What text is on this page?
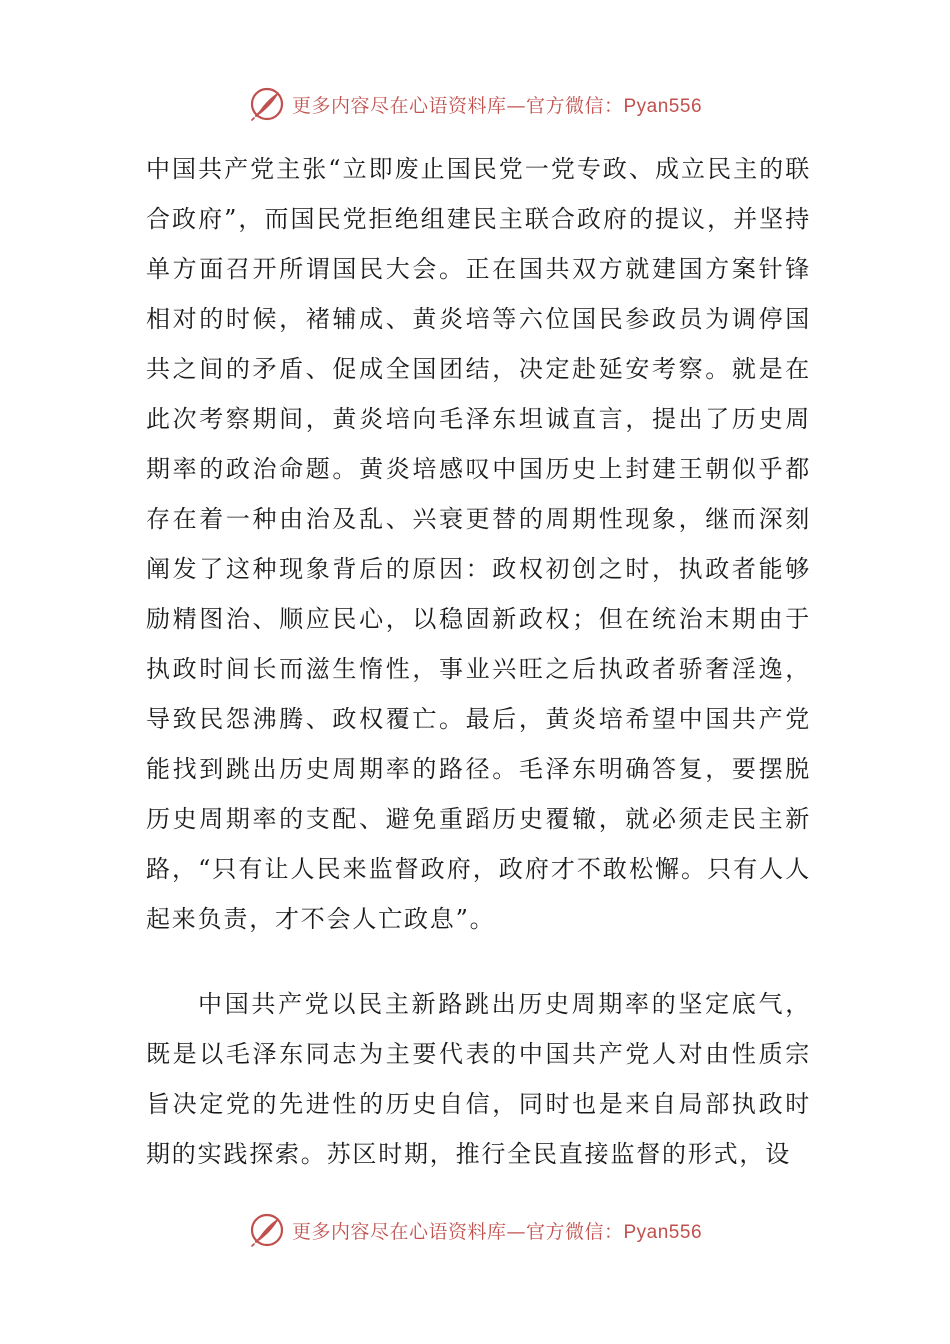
更多内容尽在心语资料库—官方微信：Pyan556

中国共产党主张“立即废止国民党一党专政、成立民主的联合政府”，而国民党拒绝组建民主联合政府的提议，并坚持单方面召开所谓国民大会。正在国共双方就建国方案针锋相对的时候，褚辅成、黄炎培等六位国民参政员为调停国共之间的矛盾、促成全国团结，决定赴延安考察。就是在此次考察期间，黄炎培向毛泽东坦诚直言，提出了历史周期率的政治命题。黄炎培感叹中国历史上封建王朝似乎都存在着一种由治及乱、兴衰更替的周期性现象，继而深刻阐发了这种现象背后的原因：政权初创之时，执政者能够励精图治、顺应民心，以稳固新政权；但在统治末期由于执政时间长而滋生惰性，事业兴旺之后执政者骄奢淫逸，导致民怨沸腾、政权覆亡。最后，黄炎培希望中国共产党能找到跳出历史周期率的路径。毛泽东明确答复，要摆脱历史周期率的支配、避免重蹈历史覆辙，就必须走民主新路，“只有让人民来监督政府，政府才不敢松懈。只有人人起来负责，才不会人亡政息”。

中国共产党以民主新路跳出历史周期率的坚定底气，既是以毛泽东同志为主要代表的中国共产党人对由性质宗旨决定党的先进性的历史自信，同时也是来自局部执政时期的实践探索。苏区时期，推行全民直接监督的形式，设

更多内容尽在心语资料库—官方微信：Pyan556
